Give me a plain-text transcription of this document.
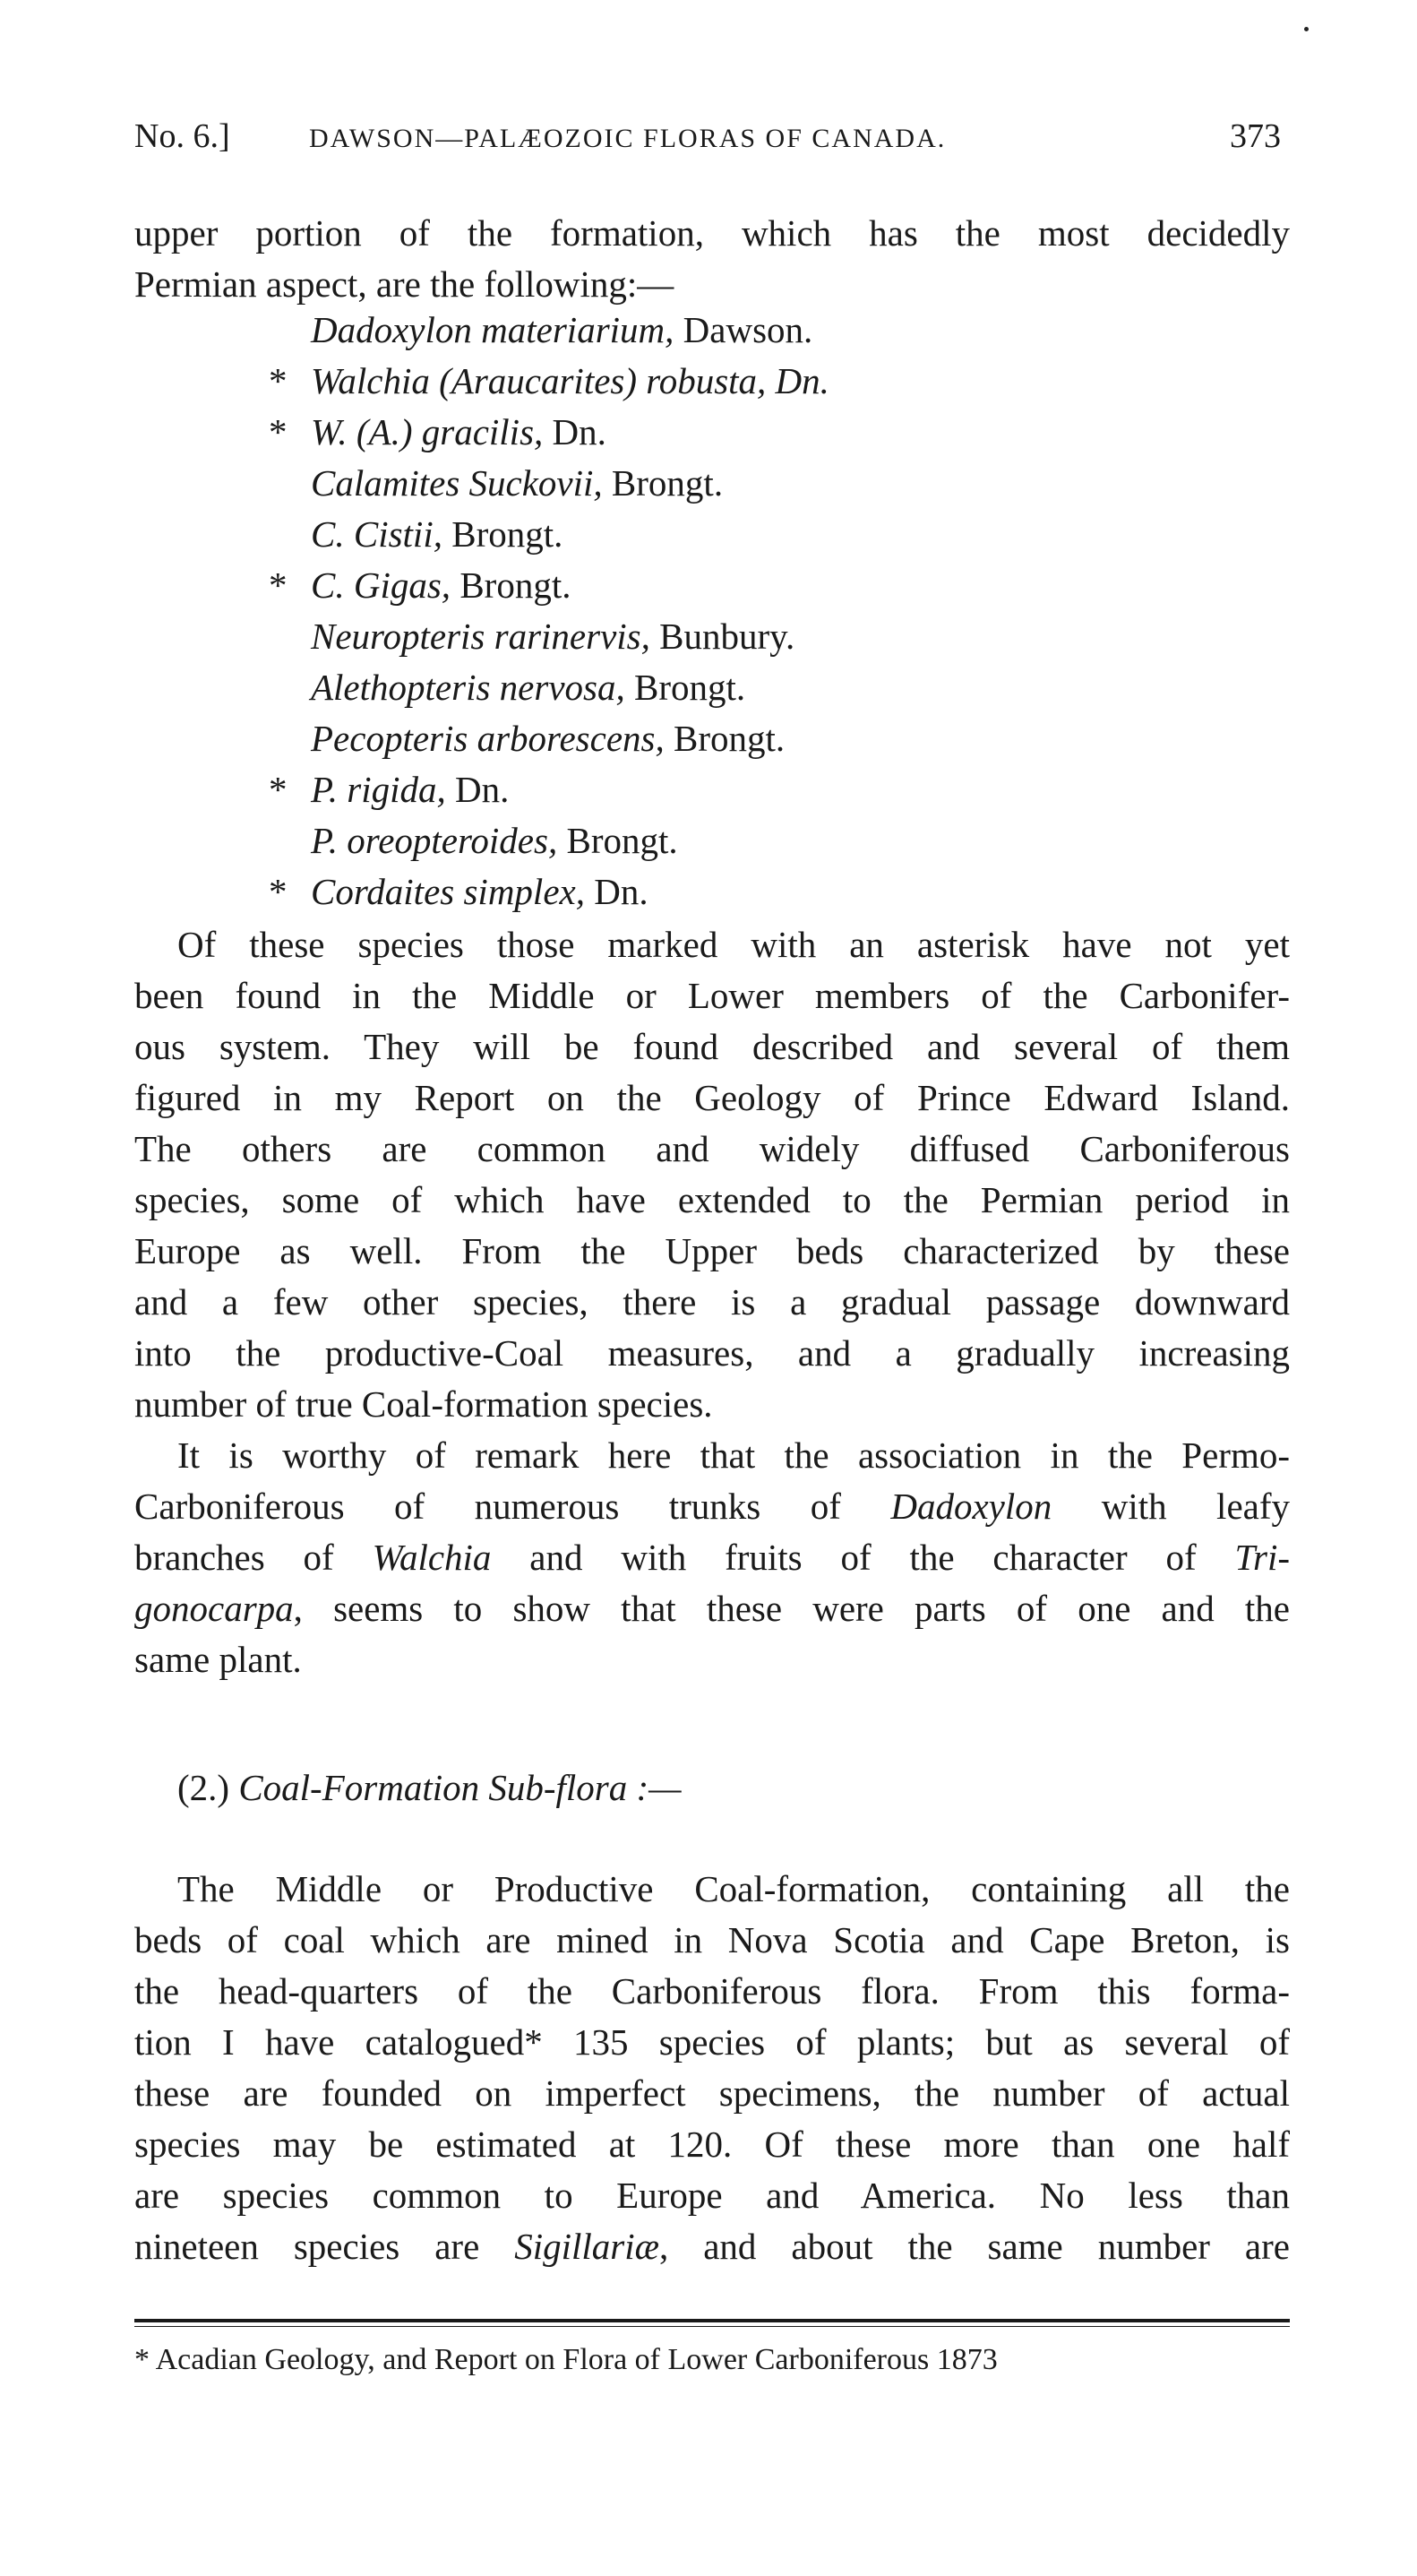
No. 6.]	DAWSON—PALÆOZOIC FLORAS OF CANADA.	373
upper portion of the formation, which has the most decidedly
Permian aspect, are the following:—
Dadoxylon materiarium, Dawson.
* Walchia (Araucarites) robusta, Dn.
* W. (A.) gracilis, Dn.
Calamites Suckovii, Brongt.
C. Cistii, Brongt.
* C. Gigas, Brongt.
Neuropteris rarinervis, Bunbury.
Alethopteris nervosa, Brongt.
Pecopteris arborescens, Brongt.
* P. rigida, Dn.
P. oreopteroides, Brongt.
* Cordaites simplex, Dn.
Of these species those marked with an asterisk have not yet
been found in the Middle or Lower members of the Carbonifer-
ous system. They will be found described and several of them
figured in my Report on the Geology of Prince Edward Island.
The others are common and widely diffused Carboniferous
species, some of which have extended to the Permian period in
Europe as well. From the Upper beds characterized by these
and a few other species, there is a gradual passage downward
into the productive-Coal measures, and a gradually increasing
number of true Coal-formation species.
It is worthy of remark here that the association in the Permo-
Carboniferous of numerous trunks of Dadoxylon with leafy
branches of Walchia and with fruits of the character of Tri-
gonocarpa, seems to show that these were parts of one and the
same plant.
(2.) Coal-Formation Sub-flora :—
The Middle or Productive Coal-formation, containing all the
beds of coal which are mined in Nova Scotia and Cape Breton, is
the head-quarters of the Carboniferous flora. From this forma-
tion I have catalogued* 135 species of plants; but as several of
these are founded on imperfect specimens, the number of actual
species may be estimated at 120. Of these more than one half
are species common to Europe and America. No less than
nineteen species are Sigillariæ, and about the same number are
* Acadian Geology, and Report on Flora of Lower Carboniferous 1873
